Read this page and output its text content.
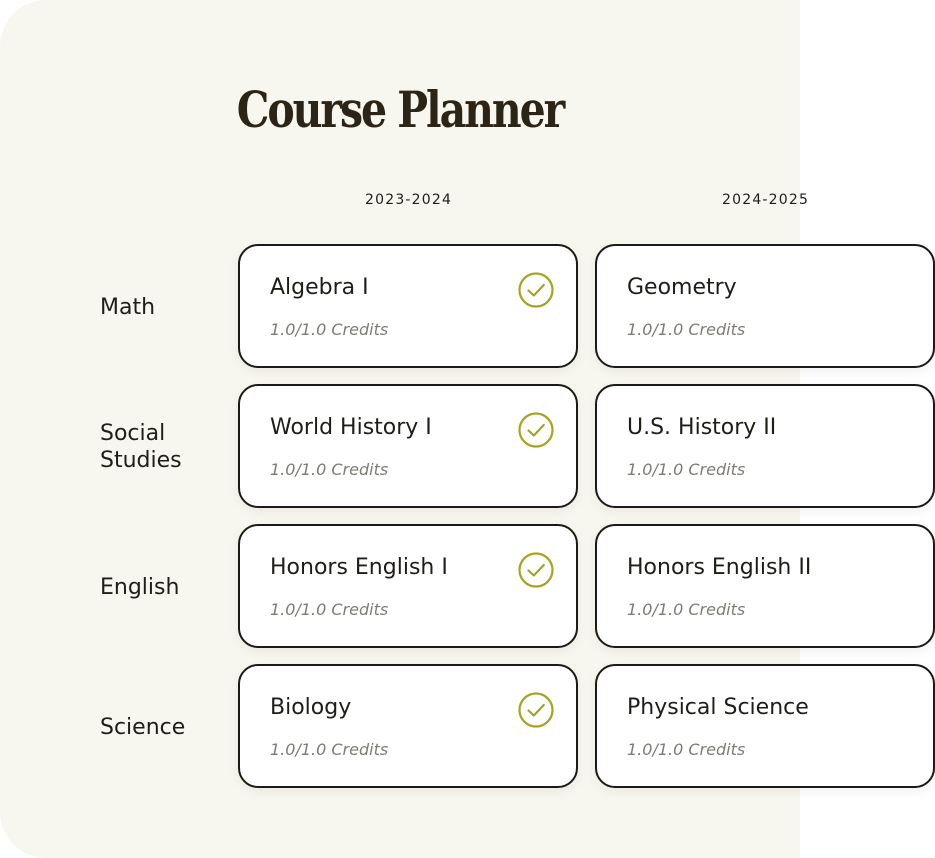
Course Planner
2023-2024	2024-2025
Math
Social
Studies
English
Science
Algebra I
1.0/1.0 Credits
Geometry
1.0/1.0 Credits
World History I
1.0/1.0 Credits
U.S. History II
1.0/1.0 Credits
Honors English I
1.0/1.0 Credits
Honors English II
1.0/1.0 Credits
Biology
1.0/1.0 Credits
Physical Science
1.0/1.0 Credits
